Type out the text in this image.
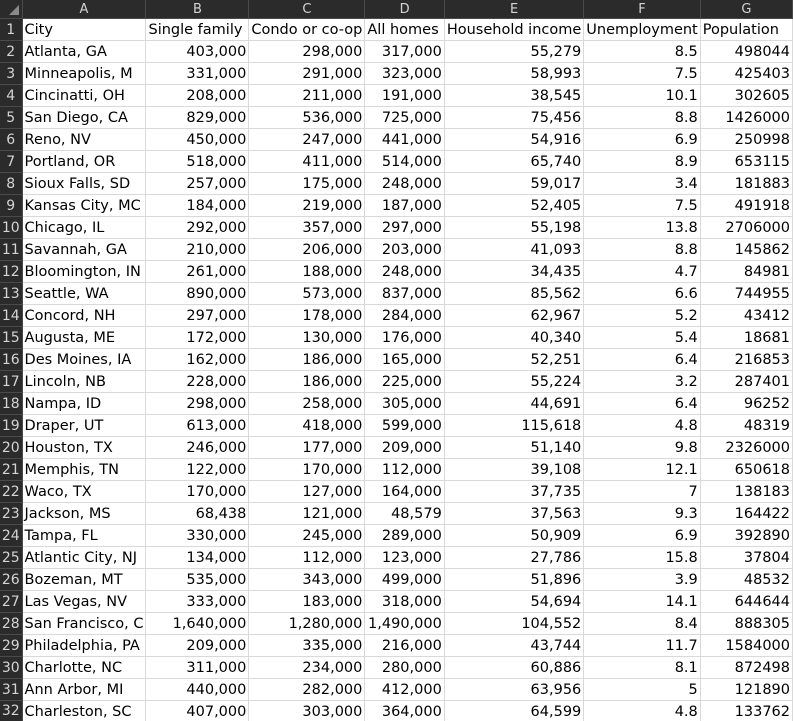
	A	B	C	D	E	F	G
1	City	Single family	Condo or co-op	All homes	Household income	Unemployment	Population
2	Atlanta, GA	403,000	298,000	317,000	55,279	8.5	498044
3	Minneapolis, M	331,000	291,000	323,000	58,993	7.5	425403
4	Cincinatti, OH	208,000	211,000	191,000	38,545	10.1	302605
5	San Diego, CA	829,000	536,000	725,000	75,456	8.8	1426000
6	Reno, NV	450,000	247,000	441,000	54,916	6.9	250998
7	Portland, OR	518,000	411,000	514,000	65,740	8.9	653115
8	Sioux Falls, SD	257,000	175,000	248,000	59,017	3.4	181883
9	Kansas City, MC	184,000	219,000	187,000	52,405	7.5	491918
10	Chicago, IL	292,000	357,000	297,000	55,198	13.8	2706000
11	Savannah, GA	210,000	206,000	203,000	41,093	8.8	145862
12	Bloomington, IN	261,000	188,000	248,000	34,435	4.7	84981
13	Seattle, WA	890,000	573,000	837,000	85,562	6.6	744955
14	Concord, NH	297,000	178,000	284,000	62,967	5.2	43412
15	Augusta, ME	172,000	130,000	176,000	40,340	5.4	18681
16	Des Moines, IA	162,000	186,000	165,000	52,251	6.4	216853
17	Lincoln, NB	228,000	186,000	225,000	55,224	3.2	287401
18	Nampa, ID	298,000	258,000	305,000	44,691	6.4	96252
19	Draper, UT	613,000	418,000	599,000	115,618	4.8	48319
20	Houston, TX	246,000	177,000	209,000	51,140	9.8	2326000
21	Memphis, TN	122,000	170,000	112,000	39,108	12.1	650618
22	Waco, TX	170,000	127,000	164,000	37,735	7	138183
23	Jackson, MS	68,438	121,000	48,579	37,563	9.3	164422
24	Tampa, FL	330,000	245,000	289,000	50,909	6.9	392890
25	Atlantic City, NJ	134,000	112,000	123,000	27,786	15.8	37804
26	Bozeman, MT	535,000	343,000	499,000	51,896	3.9	48532
27	Las Vegas, NV	333,000	183,000	318,000	54,694	14.1	644644
28	San Francisco, C	1,640,000	1,280,000	1,490,000	104,552	8.4	888305
29	Philadelphia, PA	209,000	335,000	216,000	43,744	11.7	1584000
30	Charlotte, NC	311,000	234,000	280,000	60,886	8.1	872498
31	Ann Arbor, MI	440,000	282,000	412,000	63,956	5	121890
32	Charleston, SC	407,000	303,000	364,000	64,599	4.8	133762
